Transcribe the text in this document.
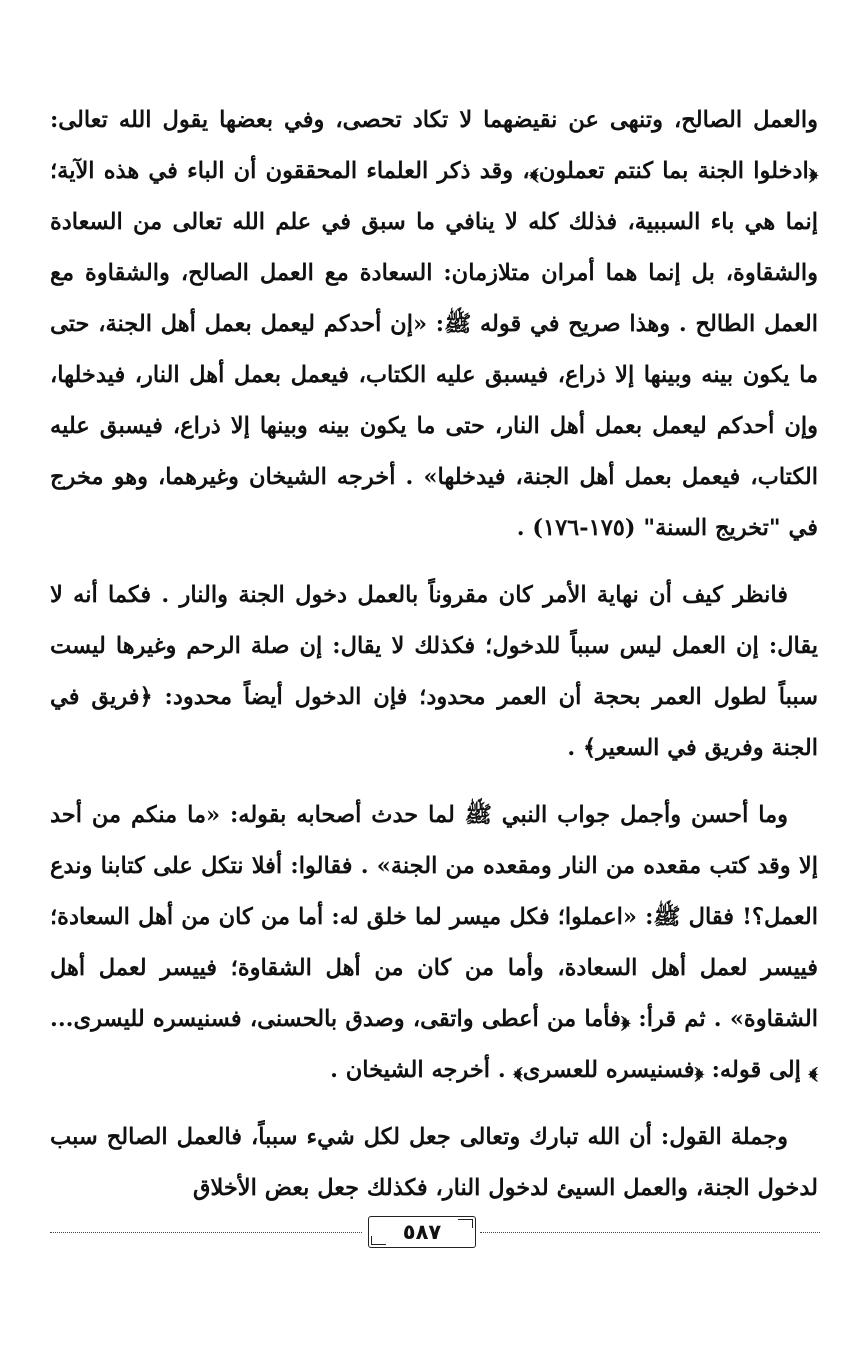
والعمل الصالح، وتنهى عن نقيضهما لا تكاد تحصى، وفي بعضها يقول الله تعالى: ﴿ادخلوا الجنة بما كنتم تعملون﴾، وقد ذكر العلماء المحققون أن الباء في هذه الآية؛ إنما هي باء السببية، فذلك كله لا ينافي ما سبق في علم الله تعالى من السعادة والشقاوة، بل إنما هما أمران متلازمان: السعادة مع العمل الصالح، والشقاوة مع العمل الطالح . وهذا صريح في قوله ﷺ: «إن أحدكم ليعمل بعمل أهل الجنة، حتى ما يكون بينه وبينها إلا ذراع، فيسبق عليه الكتاب، فيعمل بعمل أهل النار، فيدخلها، وإن أحدكم ليعمل بعمل أهل النار، حتى ما يكون بينه وبينها إلا ذراع، فيسبق عليه الكتاب، فيعمل بعمل أهل الجنة، فيدخلها» . أخرجه الشيخان وغيرهما، وهو مخرج في "تخريج السنة" (١٧٥-١٧٦) .

فانظر كيف أن نهاية الأمر كان مقروناً بالعمل دخول الجنة والنار . فكما أنه لا يقال: إن العمل ليس سبباً للدخول؛ فكذلك لا يقال: إن صلة الرحم وغيرها ليست سبباً لطول العمر بحجة أن العمر محدود؛ فإن الدخول أيضاً محدود: ﴿فريق في الجنة وفريق في السعير﴾ .

وما أحسن وأجمل جواب النبي ﷺ لما حدث أصحابه بقوله: «ما منكم من أحد إلا وقد كتب مقعده من النار ومقعده من الجنة» . فقالوا: أفلا نتكل على كتابنا وندع العمل؟! فقال ﷺ: «اعملوا؛ فكل ميسر لما خلق له: أما من كان من أهل السعادة؛ فييسر لعمل أهل السعادة، وأما من كان من أهل الشقاوة؛ فييسر لعمل أهل الشقاوة» . ثم قرأ: ﴿فأما من أعطى واتقى، وصدق بالحسنى، فسنيسره لليسرى... ﴾ إلى قوله: ﴿فسنيسره للعسرى﴾ . أخرجه الشيخان .

وجملة القول: أن الله تبارك وتعالى جعل لكل شيء سبباً، فالعمل الصالح سبب لدخول الجنة، والعمل السيئ لدخول النار، فكذلك جعل بعض الأخلاق

٥٨٧
